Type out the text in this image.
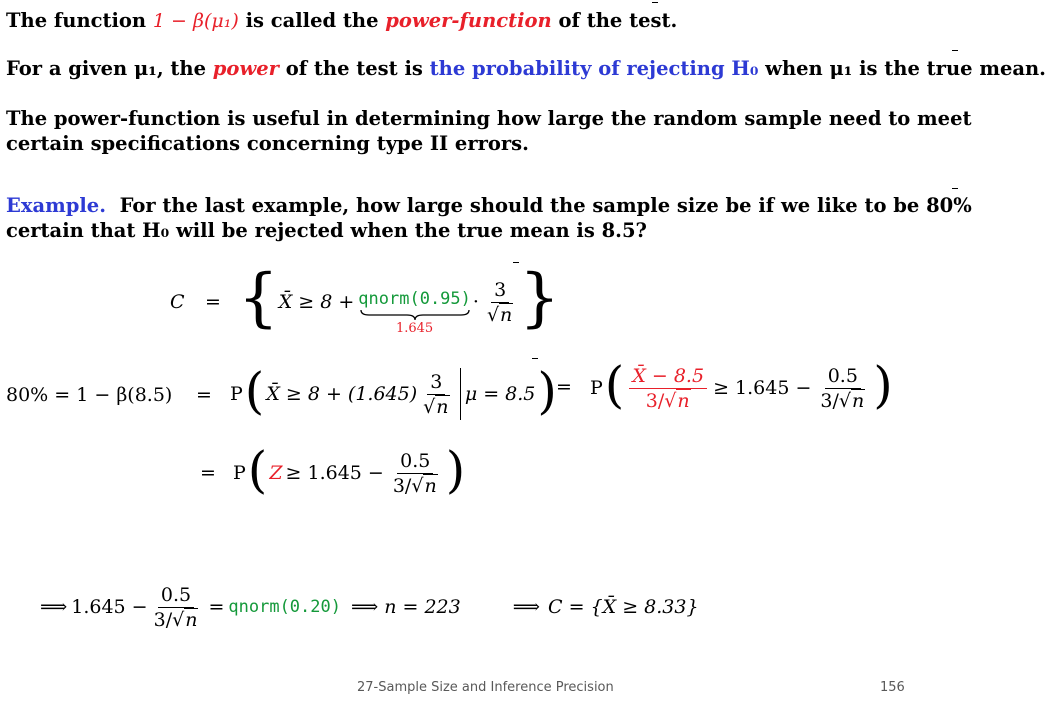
The function 1 − β(μ₁) is called the power-function of the test.
For a given μ₁, the power of the test is the probability of rejecting H₀ when μ₁ is the true mean.
The power-function is useful in determining how large the random sample need to meet
certain specifications concerning type II errors.
Example. For the last example, how large should the sample size be if we like to be 80%
certain that H₀ will be rejected when the true mean is 8.5?
C = { X̄ ≥ 8 + qnorm(0.95)
1.645
· $\frac{3}{√n}$ }
80% = 1 − β(8.5) = P ( X̄ ≥ $8 + (1.645) \frac{3}{√n}$ μ = 8.5 ) = P ( $\frac{X̄ - 8.5}{3/√n} \ge 1.645 - \frac{0.5}{3/√n}$ )
= P ( $Z \ge 1.645 - \frac{0.5}{3/√n}$ )
⟹ $1.645 - \frac{0.5}{3/√n}$ = qnorm(0.20) ⟹ n = 223	⟹ C = {X̄ ≥ 8.33}
27-Sample Size and Inference Precision	156
